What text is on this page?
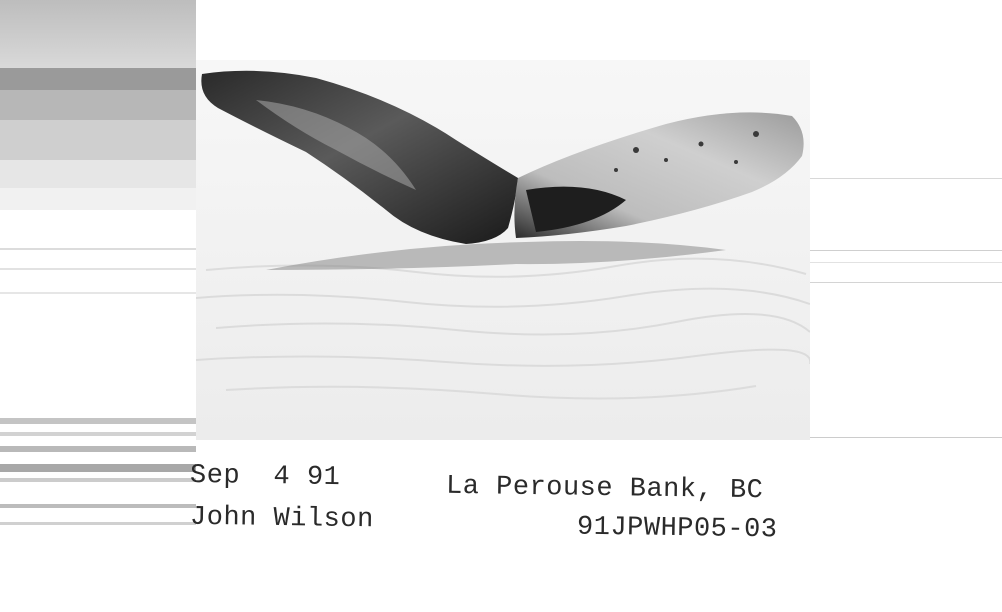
Sep  4 91
John Wilson
La Perouse Bank, BC
91JPWHP05-03
